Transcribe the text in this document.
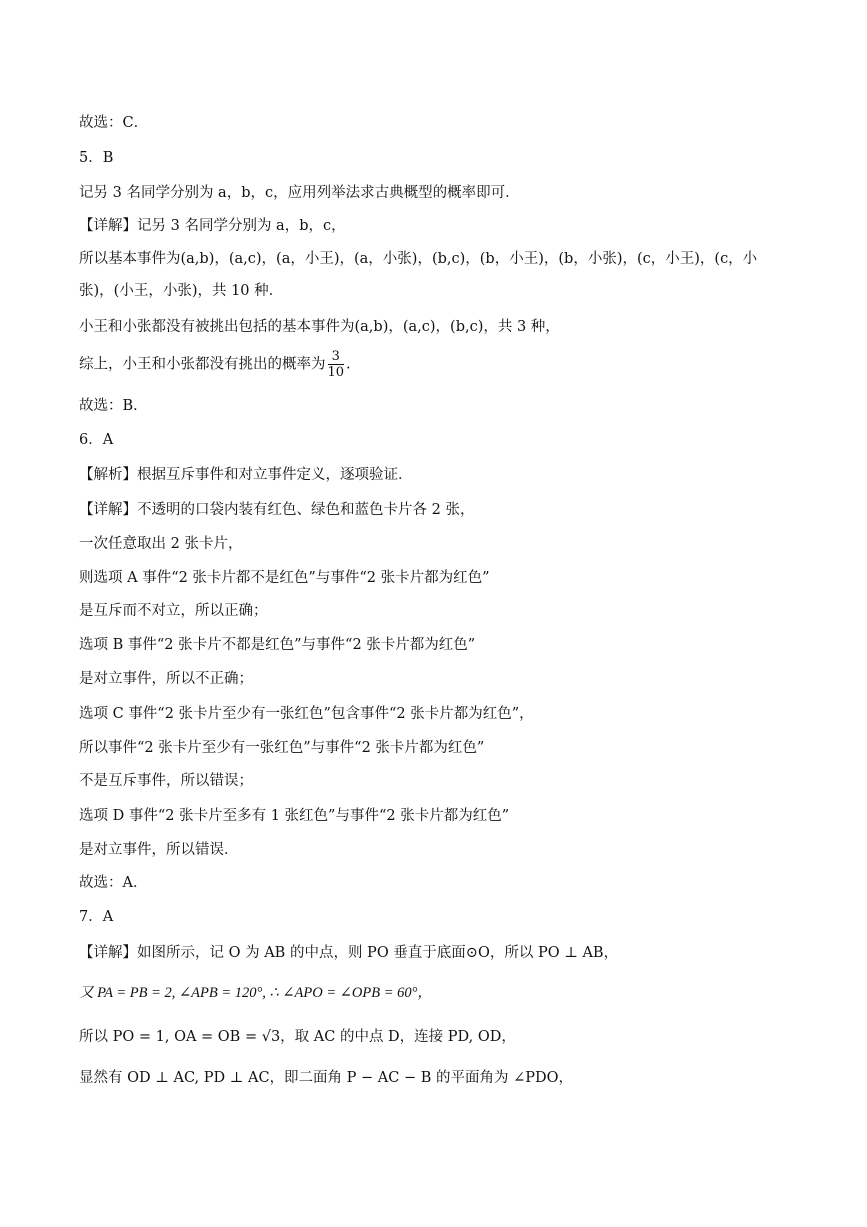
故选：C．
5．B
记另 3 名同学分别为 a，b，c，应用列举法求古典概型的概率即可．
【详解】记另 3 名同学分别为 a，b，c，
所以基本事件为(a,b)，(a,c)，(a，小王)，(a，小张)，(b,c)，(b，小王)，(b，小张)，(c，小王)，(c，小
张)，(小王，小张)，共 10 种．
小王和小张都没有被挑出包括的基本事件为(a,b)，(a,c)，(b,c)，共 3 种，
综上，小王和小张都没有挑出的概率为 $\frac{3}{10}$ .
故选：B．
6．A
【解析】根据互斥事件和对立事件定义，逐项验证．
【详解】不透明的口袋内装有红色、绿色和蓝色卡片各 2 张，
一次任意取出 2 张卡片，
则选项 A 事件“2 张卡片都不是红色”与事件“2 张卡片都为红色”
是互斥而不对立，所以正确；
选项 B 事件“2 张卡片不都是红色”与事件“2 张卡片都为红色”
是对立事件，所以不正确；
选项 C 事件“2 张卡片至少有一张红色”包含事件“2 张卡片都为红色”，
所以事件“2 张卡片至少有一张红色”与事件“2 张卡片都为红色”
不是互斥事件，所以错误；
选项 D 事件“2 张卡片至多有 1 张红色”与事件“2 张卡片都为红色”
是对立事件，所以错误．
故选：A．
7．A
【详解】如图所示，记 O 为 AB 的中点，则 PO 垂直于底面⊙O，所以 PO ⊥ AB，
又 PA = PB = 2, ∠APB = 120°, ∴ ∠APO = ∠OPB = 60°，
所以 PO = 1, OA = OB = √3，取 AC 的中点 D，连接 PD, OD，
显然有 OD ⊥ AC, PD ⊥ AC，即二面角 P − AC − B 的平面角为 ∠PDO，
